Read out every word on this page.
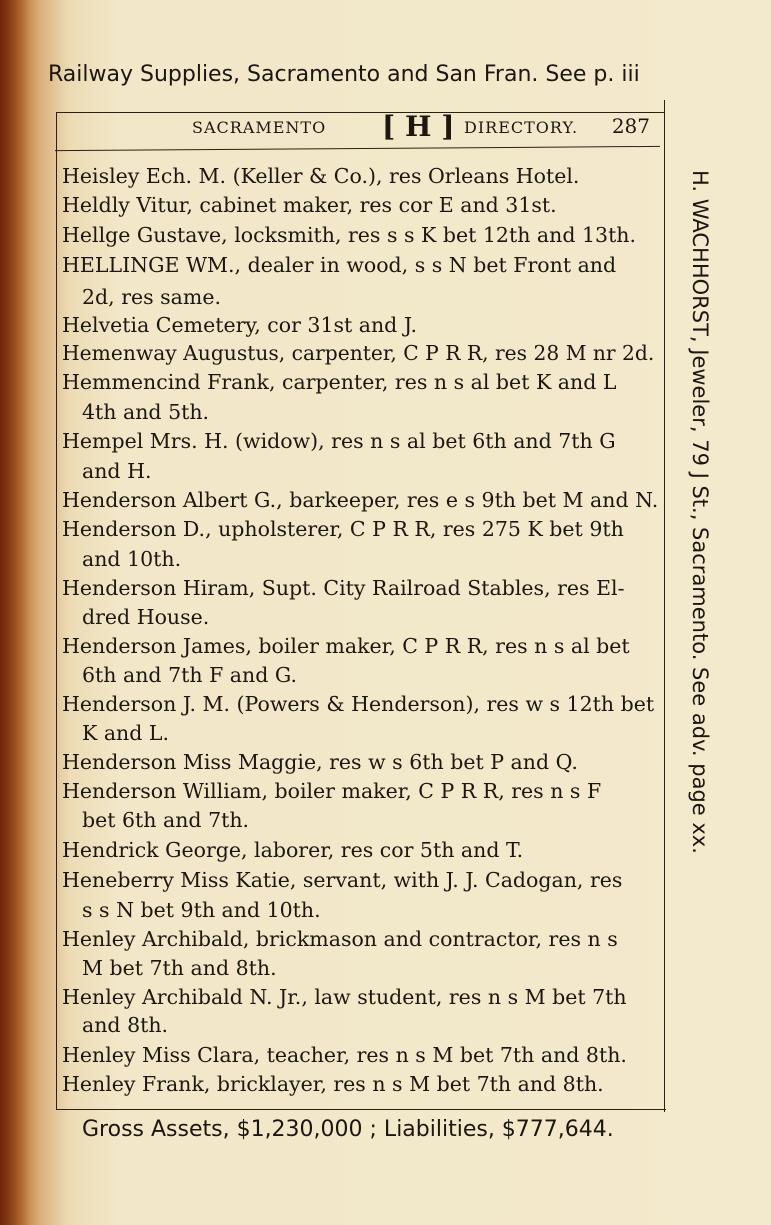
Railway Supplies, Sacramento and San Fran. See p. iii
SACRAMENTO [ H ] DIRECTORY. 287
Heisley Ech. M. (Keller & Co.), res Orleans Hotel.
Heldly Vitur, cabinet maker, res cor E and 31st.
Hellge Gustave, locksmith, res s s K bet 12th and 13th.
HELLINGE WM., dealer in wood, s s N bet Front and
2d, res same.
Helvetia Cemetery, cor 31st and J.
Hemenway Augustus, carpenter, C P R R, res 28 M nr 2d.
Hemmencind Frank, carpenter, res n s al bet K and L
4th and 5th.
Hempel Mrs. H. (widow), res n s al bet 6th and 7th G
and H.
Henderson Albert G., barkeeper, res e s 9th bet M and N.
Henderson D., upholsterer, C P R R, res 275 K bet 9th
and 10th.
Henderson Hiram, Supt. City Railroad Stables, res El-
dred House.
Henderson James, boiler maker, C P R R, res n s al bet
6th and 7th F and G.
Henderson J. M. (Powers & Henderson), res w s 12th bet
K and L.
Henderson Miss Maggie, res w s 6th bet P and Q.
Henderson William, boiler maker, C P R R, res n s F
bet 6th and 7th.
Hendrick George, laborer, res cor 5th and T.
Heneberry Miss Katie, servant, with J. J. Cadogan, res
s s N bet 9th and 10th.
Henley Archibald, brickmason and contractor, res n s
M bet 7th and 8th.
Henley Archibald N. Jr., law student, res n s M bet 7th
and 8th.
Henley Miss Clara, teacher, res n s M bet 7th and 8th.
Henley Frank, bricklayer, res n s M bet 7th and 8th.
H. WACHHORST, Jeweler, 79 J St., Sacramento. See adv. page xx.
Gross Assets, $1,230,000 ; Liabilities, $777,644.
